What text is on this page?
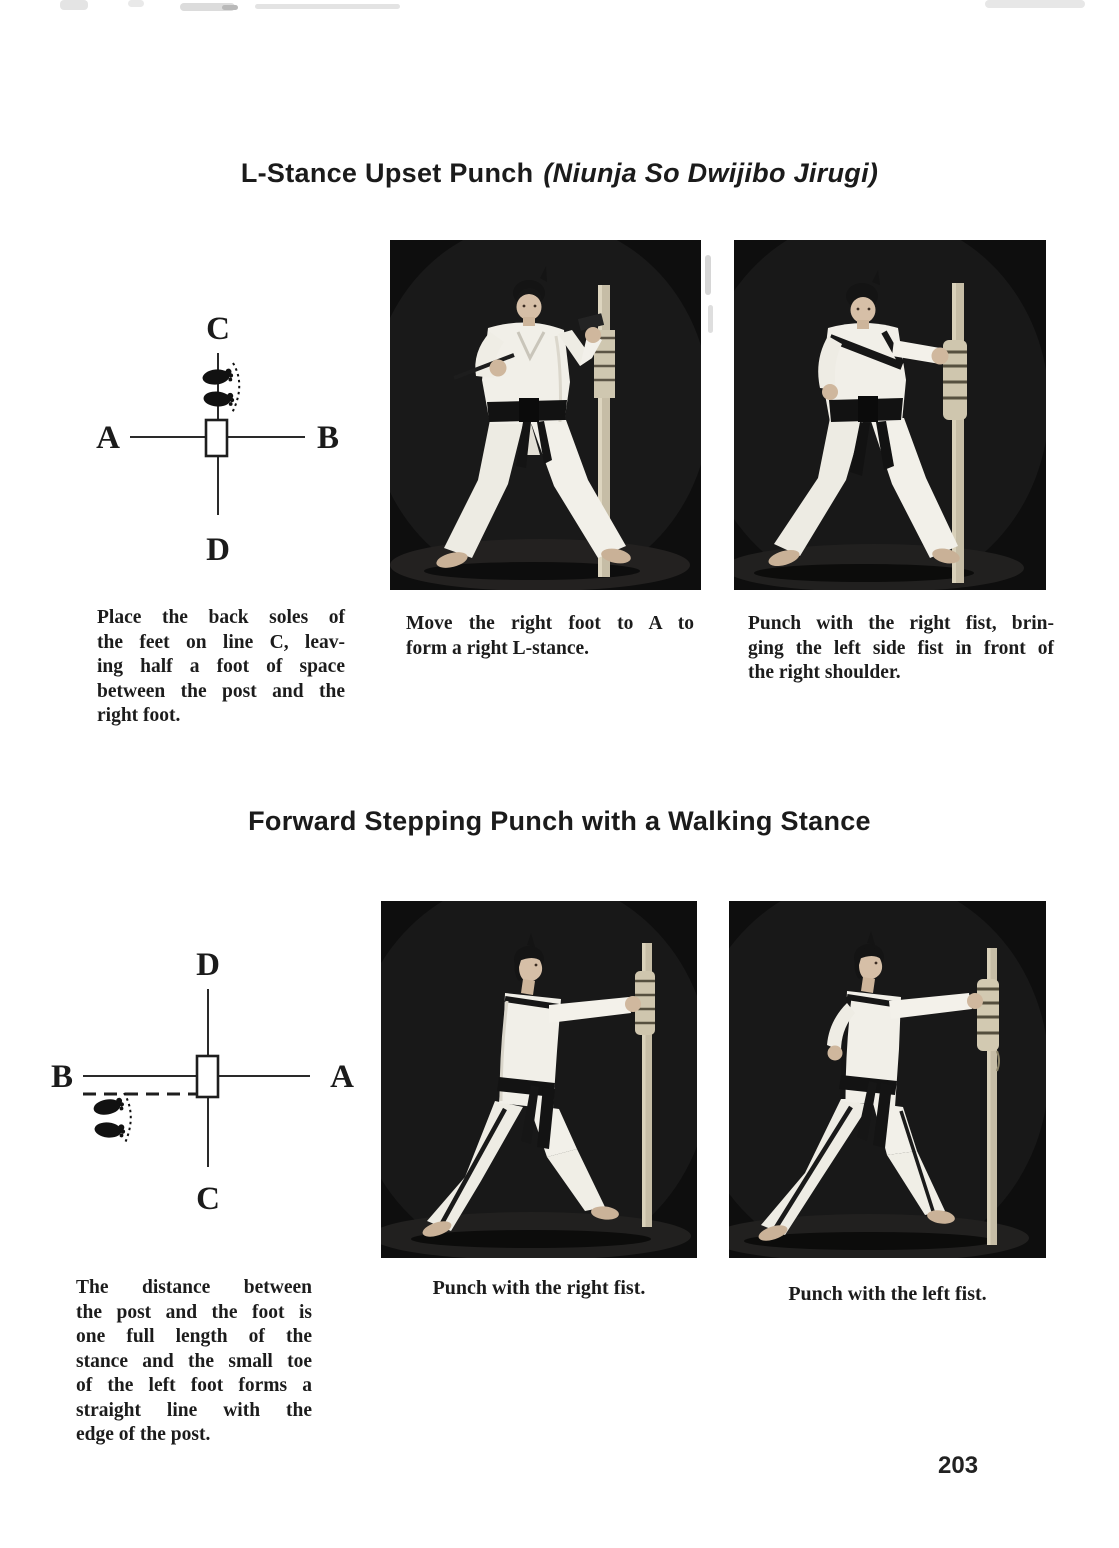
L-Stance Upset Punch (Niunja So Dwijibo Jirugi)
C
A	B
D
Place the back soles of
the feet on line C, leav-
ing half a foot of space
between the post and the
right foot.
Move the right foot to A to
form a right L-stance.
Punch with the right fist, brin-
ging the left side fist in front of
the right shoulder.
Forward Stepping Punch with a Walking Stance
D
B	A
C
The distance between
the post and the foot is
one full length of the
stance and the small toe
of the left foot forms a
straight line with the
edge of the post.
Punch with the right fist.	Punch with the left fist.
203
